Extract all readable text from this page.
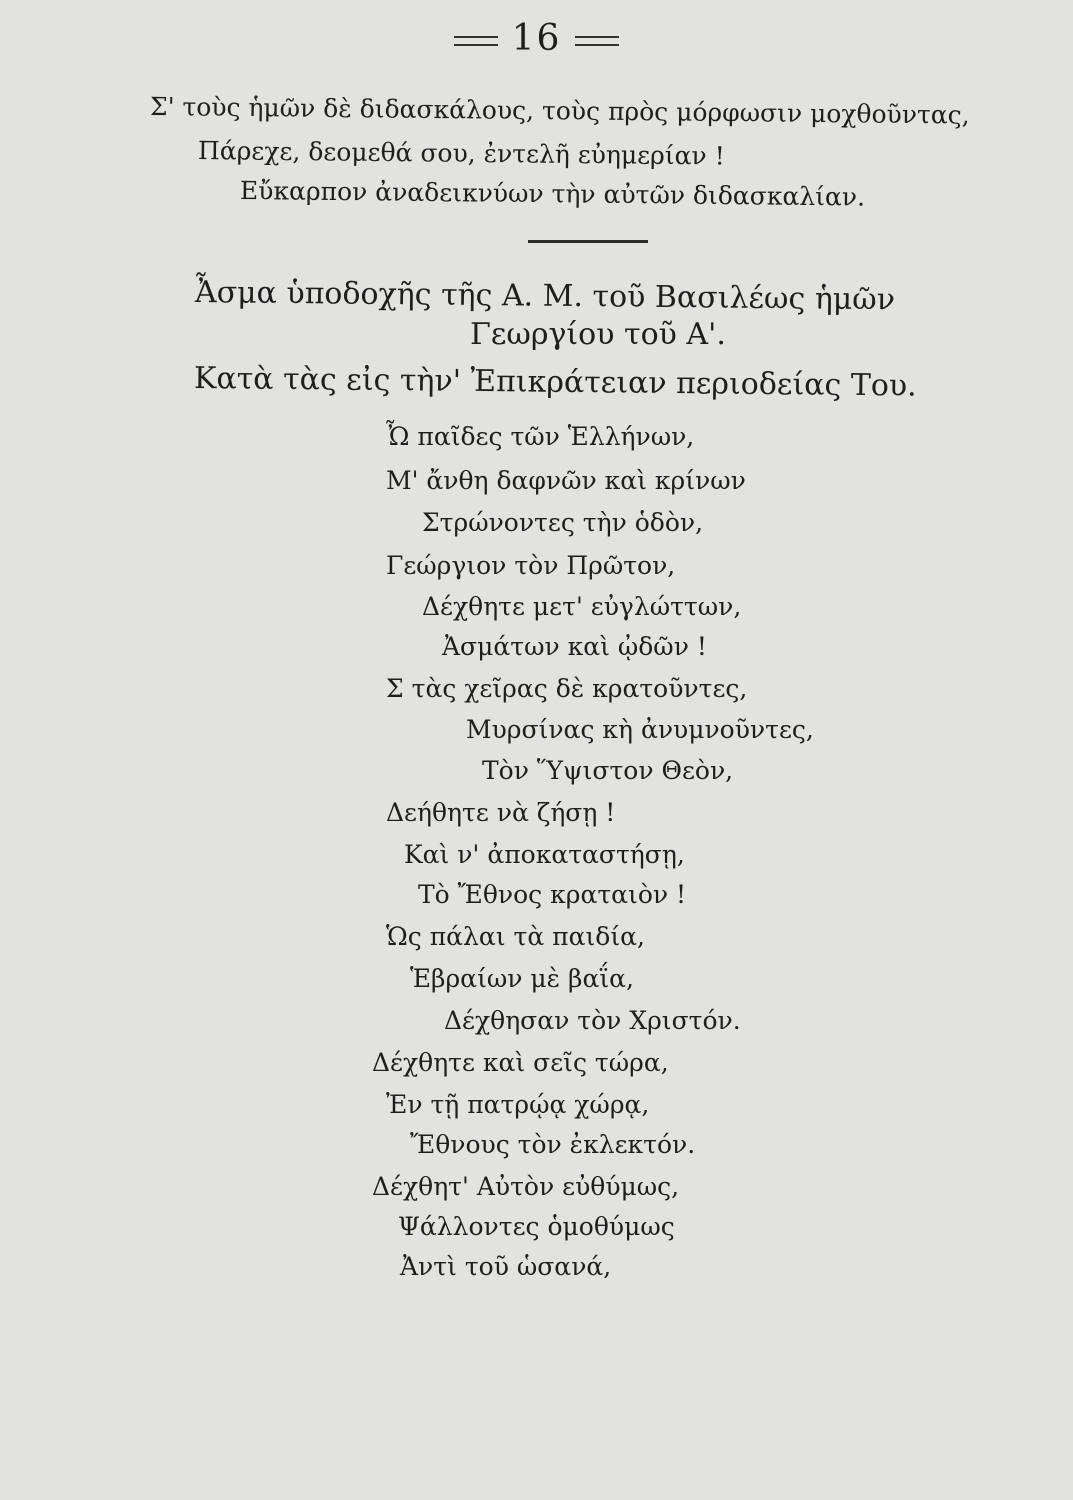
16
Σ' τοὺς ἡμῶν δὲ διδασκάλους, τοὺς πρὸς μόρφωσιν μοχθοῦντας,
Πάρεχε, δεομεθά σου, ἐντελῆ εὐημερίαν !
Εὔκαρπον ἀναδεικνύων τὴν αὐτῶν διδασκαλίαν.
Ἆσμα ὑποδοχῆς τῆς Α. Μ. τοῦ Βασιλέως ἡμῶν
Γεωργίου τοῦ Α'.
Κατὰ τὰς εἰς τὴν' Ἐπικράτειαν περιοδείας Του.
Ὦ παῖδες τῶν Ἑλλήνων,
Μ' ἄνθη δαφνῶν καὶ κρίνων
Στρώνοντες τὴν ὁδὸν,
Γεώργιον τὸν Πρῶτον,
Δέχθητε μετ' εὐγλώττων,
Ἀσμάτων καὶ ᾠδῶν !
Σ τὰς χεῖρας δὲ κρατοῦντες,
Μυρσίνας κὴ ἀνυμνοῦντες,
Τὸν Ὕψιστον Θεὸν,
Δεήθητε νὰ ζήσῃ !
Καὶ ν' ἀποκαταστήσῃ,
Τὸ Ἔθνος κραταιὸν !
Ὡς πάλαι τὰ παιδία,
Ἑβραίων μὲ βαΐα,
Δέχθησαν τὸν Χριστόν.
Δέχθητε καὶ σεῖς τώρα,
Ἐν τῇ πατρῴᾳ χώρᾳ,
Ἔθνους τὸν ἐκλεκτόν.
Δέχθητ' Αὐτὸν εὐθύμως,
Ψάλλοντες ὁμοθύμως
Ἀντὶ τοῦ ὡσανά,
